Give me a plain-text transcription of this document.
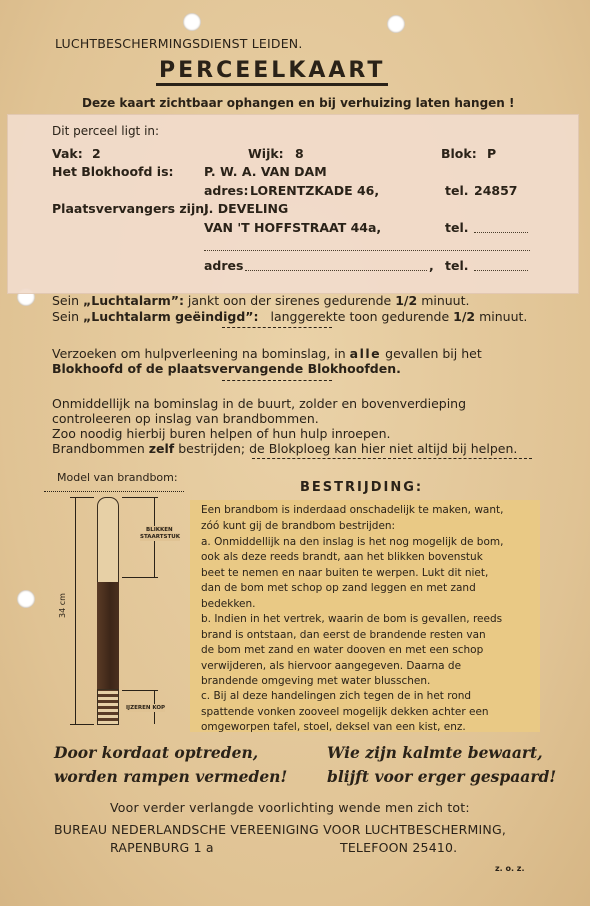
LUCHTBESCHERMINGSDIENST LEIDEN.
PERCEELKAART
Deze kaart zichtbaar ophangen en bij verhuizing laten hangen !
Dit perceel ligt in:
Vak: 2	Wijk: 8	Blok: P
Het Blokhoofd is: P. W. A. VAN DAM
adres: LORENTZKADE 46,	tel. 24857
Plaatsvervangers zijn:
J. DEVELING
VAN 'T HOFFSTRAAT 44a,	tel.
adres	, tel.
Sein „Luchtalarm”: jankt oon der sirenes gedurende 1/2 minuut.
Sein „Luchtalarm geëindigd”: langgerekte toon gedurende 1/2 minuut.
Verzoeken om hulpverleening na bominslag, in alle gevallen bij het
Blokhoofd of de plaatsvervangende Blokhoofden.
Onmiddellijk na bominslag in de buurt, zolder en bovenverdieping
controleeren op inslag van brandbommen.
Zoo noodig hierbij buren helpen of hun hulp inroepen.
Brandbommen zelf bestrijden; de Blokploeg kan hier niet altijd bij helpen.
Model van brandbom:
34 cm
BLIKKEN
STAARTSTUK
IJZEREN KOP
BESTRIJDING:
Een brandbom is inderdaad onschadelijk te maken, want,
zóó kunt gij de brandbom bestrijden:
a. Onmiddellijk na den inslag is het nog mogelijk de bom,
ook als deze reeds brandt, aan het blikken bovenstuk
beet te nemen en naar buiten te werpen. Lukt dit niet,
dan de bom met schop op zand leggen en met zand
bedekken.
b. Indien in het vertrek, waarin de bom is gevallen, reeds
brand is ontstaan, dan eerst de brandende resten van
de bom met zand en water dooven en met een schop
verwijderen, als hiervoor aangegeven. Daarna de
brandende omgeving met water blusschen.
c. Bij al deze handelingen zich tegen de in het rond
spattende vonken zooveel mogelijk dekken achter een
omgeworpen tafel, stoel, deksel van een kist, enz.
Door kordaat optreden,
worden rampen vermeden!
Wie zijn kalmte bewaart,
blijft voor erger gespaard!
Voor verder verlangde voorlichting wende men zich tot:
BUREAU NEDERLANDSCHE VEREENIGING VOOR LUCHTBESCHERMING,
RAPENBURG 1 a	TELEFOON 25410.
z. o. z.
